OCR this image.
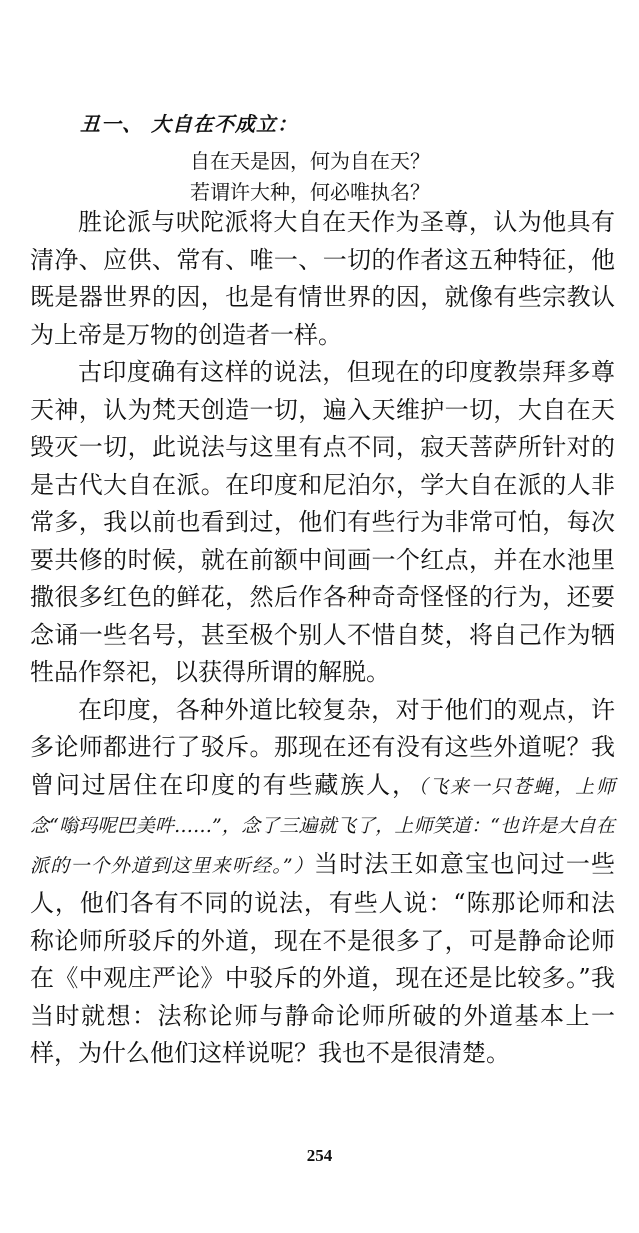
丑一、 大自在不成立：
自在天是因，何为自在天？
若谓许大种，何必唯执名？

胜论派与吠陀派将大自在天作为圣尊，认为他具有清净、应供、常有、唯一、一切的作者这五种特征，他既是器世界的因，也是有情世界的因，就像有些宗教认为上帝是万物的创造者一样。

古印度确有这样的说法，但现在的印度教崇拜多尊天神，认为梵天创造一切，遍入天维护一切，大自在天毁灭一切，此说法与这里有点不同，寂天菩萨所针对的是古代大自在派。在印度和尼泊尔，学大自在派的人非常多，我以前也看到过，他们有些行为非常可怕，每次要共修的时候，就在前额中间画一个红点，并在水池里撒很多红色的鲜花，然后作各种奇奇怪怪的行为，还要念诵一些名号，甚至极个别人不惜自焚，将自己作为牺牲品作祭祀，以获得所谓的解脱。

在印度，各种外道比较复杂，对于他们的观点，许多论师都进行了驳斥。那现在还有没有这些外道呢？我曾问过居住在印度的有些藏族人，（飞来一只苍蝇，上师念“嗡玛呢巴美吽……”，念了三遍就飞了，上师笑道：“也许是大自在派的一个外道到这里来听经。”）当时法王如意宝也问过一些人，他们各有不同的说法，有些人说：“陈那论师和法称论师所驳斥的外道，现在不是很多了，可是静命论师在《中观庄严论》中驳斥的外道，现在还是比较多。”我当时就想：法称论师与静命论师所破的外道基本上一样，为什么他们这样说呢？我也不是很清楚。

254
